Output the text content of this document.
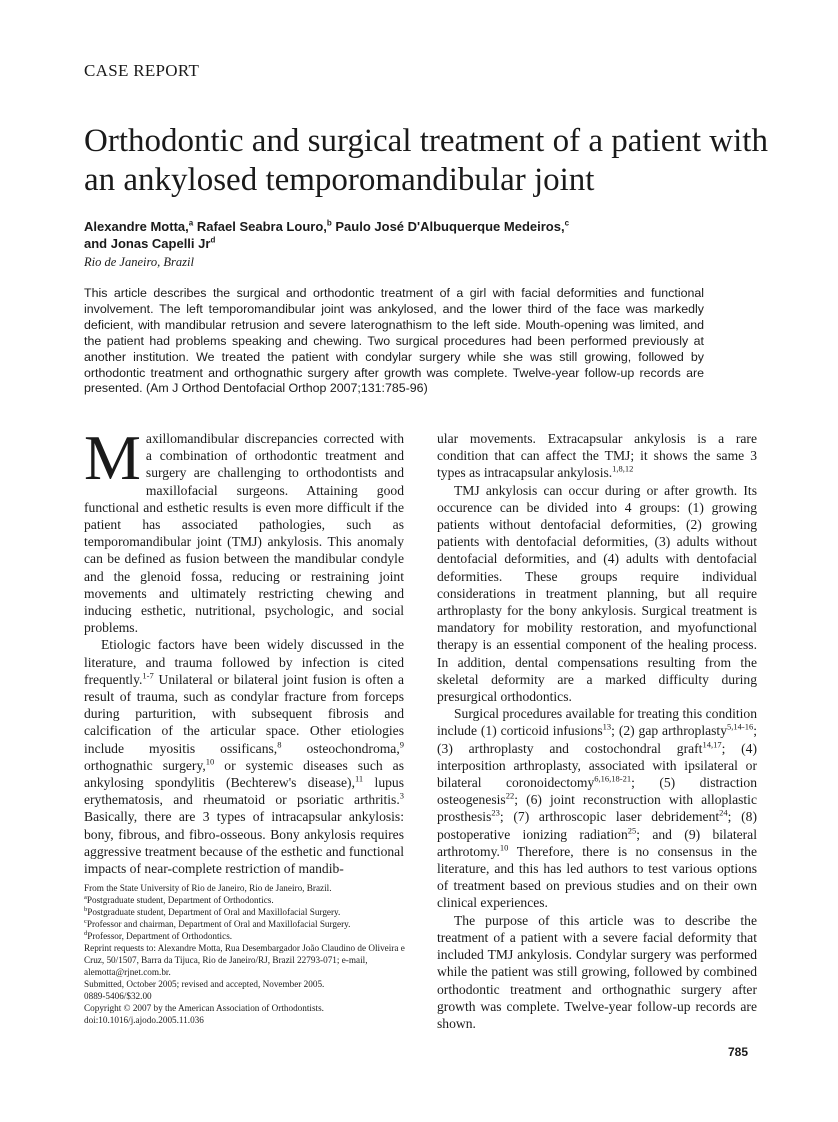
CASE REPORT
Orthodontic and surgical treatment of a patient with an ankylosed temporomandibular joint
Alexandre Motta,$^a$ Rafael Seabra Louro,$^b$ Paulo José D'Albuquerque Medeiros,$^c$
and Jonas Capelli Jr$^d$
Rio de Janeiro, Brazil
This article describes the surgical and orthodontic treatment of a girl with facial deformities and functional involvement. The left temporomandibular joint was ankylosed, and the lower third of the face was markedly deficient, with mandibular retrusion and severe laterognathism to the left side. Mouth-opening was limited, and the patient had problems speaking and chewing. Two surgical procedures had been performed previously at another institution. We treated the patient with condylar surgery while she was still growing, followed by orthodontic treatment and orthognathic surgery after growth was complete. Twelve-year follow-up records are presented. (Am J Orthod Dentofacial Orthop 2007;131:785-96)
M axillomandibular discrepancies corrected with a combination of orthodontic treatment and surgery are challenging to orthodontists and maxillofacial surgeons. Attaining good functional and esthetic results is even more difficult if the patient has associated pathologies, such as temporomandibular joint (TMJ) ankylosis. This anomaly can be defined as fusion between the mandibular condyle and the glenoid fossa, reducing or restraining joint movements and ultimately restricting chewing and inducing esthetic, nutritional, psychologic, and social problems.

Etiologic factors have been widely discussed in the literature, and trauma followed by infection is cited frequently.$^{1-7}$ Unilateral or bilateral joint fusion is often a result of trauma, such as condylar fracture from forceps during parturition, with subsequent fibrosis and calcification of the articular space. Other etiologies include myositis ossificans,$^8$ osteochondroma,$^9$ orthognathic surgery,$^{10}$ or systemic diseases such as ankylosing spondylitis (Bechterew's disease),$^{11}$ lupus erythematosis, and rheumatoid or psoriatic arthritis.$^3$ Basically, there are 3 types of intracapsular ankylosis: bony, fibrous, and fibro-osseous. Bony ankylosis requires aggressive treatment because of the esthetic and functional impacts of near-complete restriction of mandib-

ular movements. Extracapsular ankylosis is a rare condition that can affect the TMJ; it shows the same 3 types as intracapsular ankylosis.$^{1,8,12}$

TMJ ankylosis can occur during or after growth. Its occurence can be divided into 4 groups: (1) growing patients without dentofacial deformities, (2) growing patients with dentofacial deformities, (3) adults without dentofacial deformities, and (4) adults with dentofacial deformities. These groups require individual considerations in treatment planning, but all require arthroplasty for the bony ankylosis. Surgical treatment is mandatory for mobility restoration, and myofunctional therapy is an essential component of the healing process. In addition, dental compensations resulting from the skeletal deformity are a marked difficulty during presurgical orthodontics.

Surgical procedures available for treating this condition include (1) corticoid infusions$^{13}$; (2) gap arthroplasty$^{5,14-16}$; (3) arthroplasty and costochondral graft$^{14,17}$; (4) interposition arthroplasty, associated with ipsilateral or bilateral coronoidectomy$^{6,16,18-21}$; (5) distraction osteogenesis$^{22}$; (6) joint reconstruction with alloplastic prosthesis$^{23}$; (7) arthroscopic laser debridement$^{24}$; (8) postoperative ionizing radiation$^{25}$; and (9) bilateral arthrotomy.$^{10}$ Therefore, there is no consensus in the literature, and this has led authors to test various options of treatment based on previous studies and on their own clinical experiences.

The purpose of this article was to describe the treatment of a patient with a severe facial deformity that included TMJ ankylosis. Condylar surgery was performed while the patient was still growing, followed by combined orthodontic treatment and orthognathic surgery after growth was complete. Twelve-year follow-up records are shown.

From the State University of Rio de Janeiro, Rio de Janeiro, Brazil.
$^a$Postgraduate student, Department of Orthodontics.
$^b$Postgraduate student, Department of Oral and Maxillofacial Surgery.
$^c$Professor and chairman, Department of Oral and Maxillofacial Surgery.
$^d$Professor, Department of Orthodontics.
Reprint requests to: Alexandre Motta, Rua Desembargador João Claudino de Oliveira e Cruz, 50/1507, Barra da Tijuca, Rio de Janeiro/RJ, Brazil 22793-071; e-mail, alemotta@rjnet.com.br.
Submitted, October 2005; revised and accepted, November 2005.
0889-5406/$32.00
Copyright © 2007 by the American Association of Orthodontists.
doi:10.1016/j.ajodo.2005.11.036
785
